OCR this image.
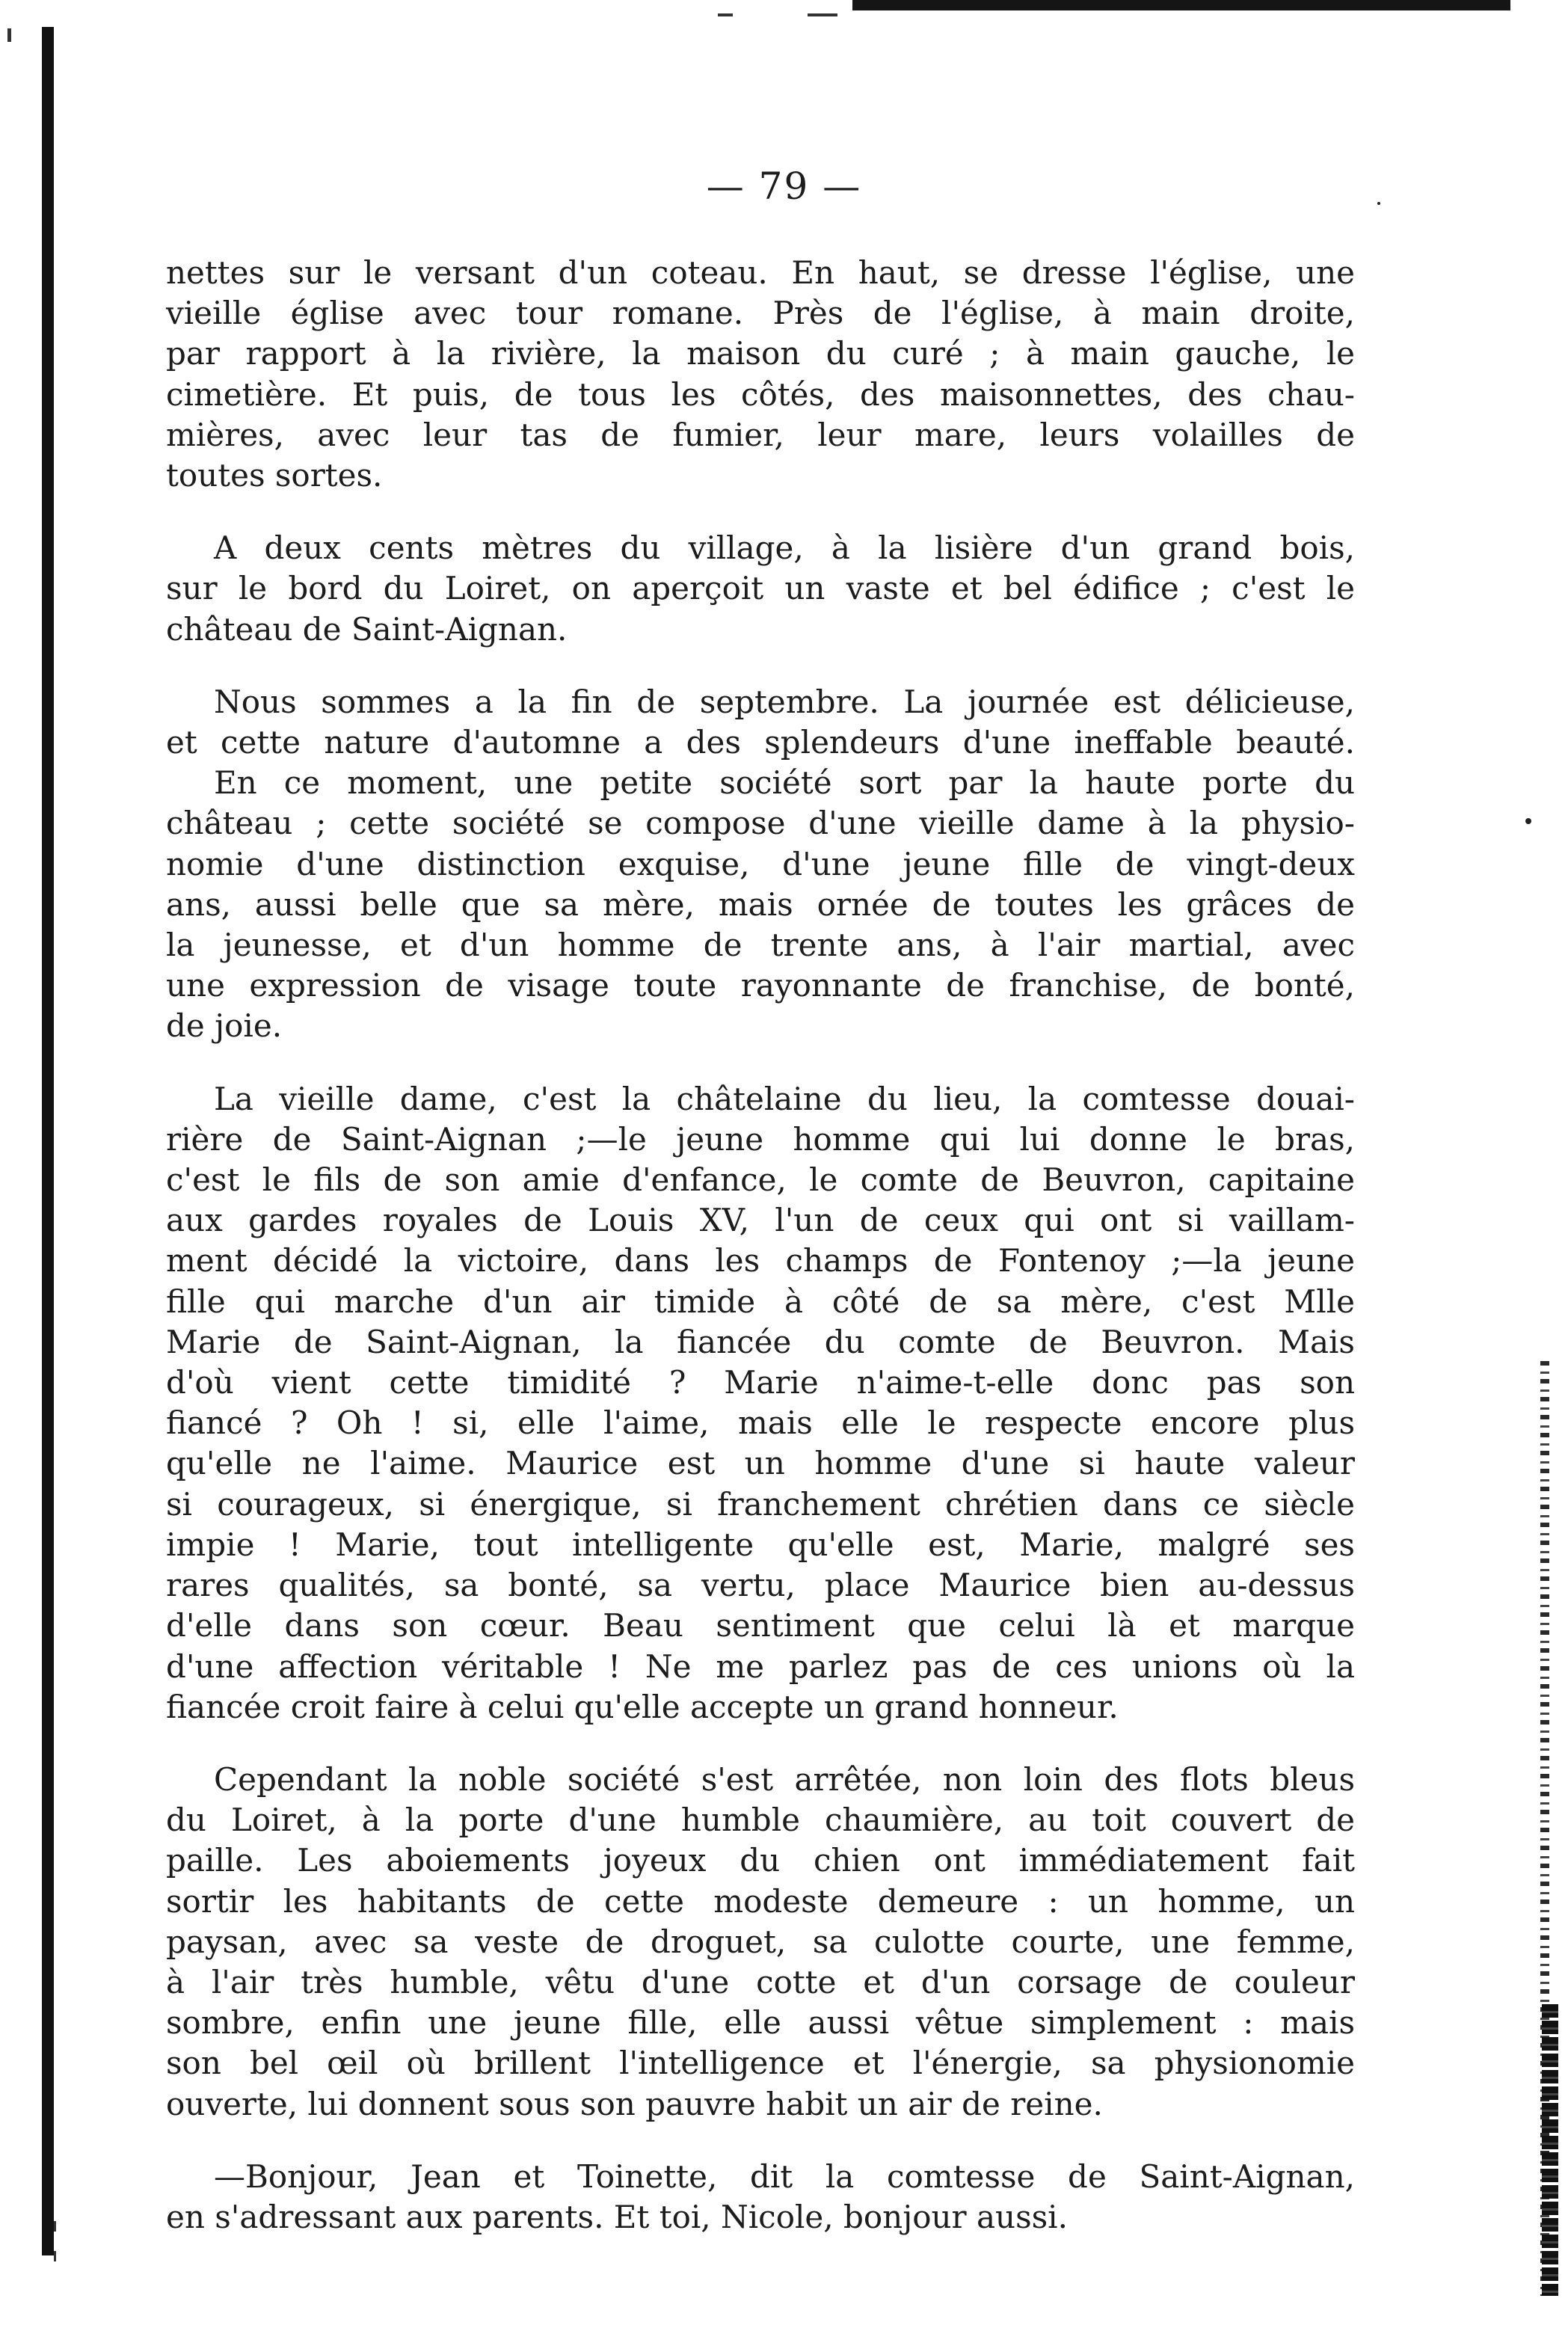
— 79 —

nettes sur le versant d'un coteau. En haut, se dresse l'église, une

vieille église avec tour romane. Près de l'église, à main droite,

par rapport à la rivière, la maison du curé ; à main gauche, le

cimetière. Et puis, de tous les côtés, des maisonnettes, des chau-

mières, avec leur tas de fumier, leur mare, leurs volailles de

toutes sortes.

A deux cents mètres du village, à la lisière d'un grand bois,

sur le bord du Loiret, on aperçoit un vaste et bel édifice ; c'est le

château de Saint-Aignan.

Nous sommes a la fin de septembre. La journée est délicieuse,

et cette nature d'automne a des splendeurs d'une ineffable beauté.

En ce moment, une petite société sort par la haute porte du

château ; cette société se compose d'une vieille dame à la physio-

nomie d'une distinction exquise, d'une jeune fille de vingt-deux

ans, aussi belle que sa mère, mais ornée de toutes les grâces de

la jeunesse, et d'un homme de trente ans, à l'air martial, avec

une expression de visage toute rayonnante de franchise, de bonté,

de joie.

La vieille dame, c'est la châtelaine du lieu, la comtesse douai-

rière de Saint-Aignan ;—le jeune homme qui lui donne le bras,

c'est le fils de son amie d'enfance, le comte de Beuvron, capitaine

aux gardes royales de Louis XV, l'un de ceux qui ont si vaillam-

ment décidé la victoire, dans les champs de Fontenoy ;—la jeune

fille qui marche d'un air timide à côté de sa mère, c'est Mlle

Marie de Saint-Aignan, la fiancée du comte de Beuvron. Mais

d'où vient cette timidité ? Marie n'aime-t-elle donc pas son

fiancé ? Oh ! si, elle l'aime, mais elle le respecte encore plus

qu'elle ne l'aime. Maurice est un homme d'une si haute valeur

si courageux, si énergique, si franchement chrétien dans ce siècle

impie ! Marie, tout intelligente qu'elle est, Marie, malgré ses

rares qualités, sa bonté, sa vertu, place Maurice bien au-dessus

d'elle dans son cœur. Beau sentiment que celui là et marque

d'une affection véritable ! Ne me parlez pas de ces unions où la

fiancée croit faire à celui qu'elle accepte un grand honneur.

Cependant la noble société s'est arrêtée, non loin des flots bleus

du Loiret, à la porte d'une humble chaumière, au toit couvert de

paille. Les aboiements joyeux du chien ont immédiatement fait

sortir les habitants de cette modeste demeure : un homme, un

paysan, avec sa veste de droguet, sa culotte courte, une femme,

à l'air très humble, vêtu d'une cotte et d'un corsage de couleur

sombre, enfin une jeune fille, elle aussi vêtue simplement : mais

son bel œil où brillent l'intelligence et l'énergie, sa physionomie

ouverte, lui donnent sous son pauvre habit un air de reine.

—Bonjour, Jean et Toinette, dit la comtesse de Saint-Aignan,

en s'adressant aux parents. Et toi, Nicole, bonjour aussi.
